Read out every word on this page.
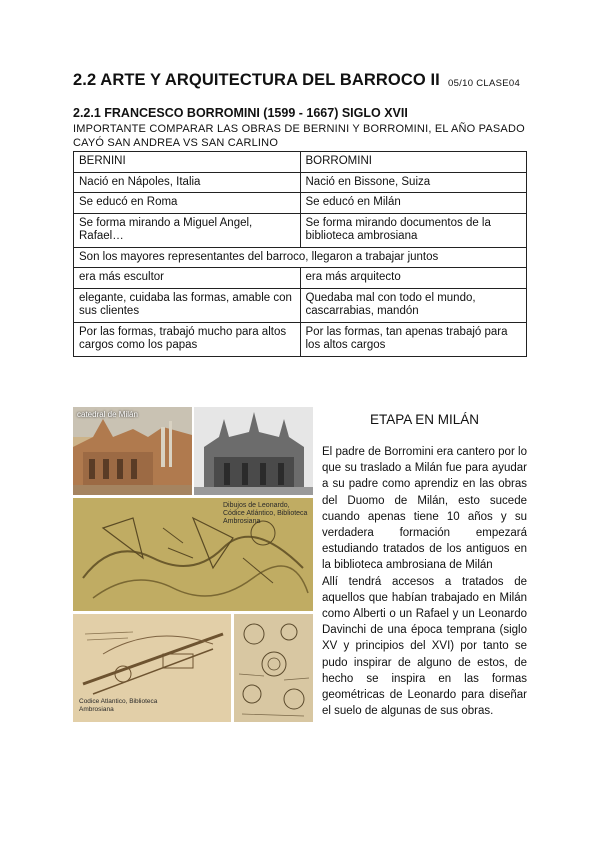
2.2 ARTE Y ARQUITECTURA DEL BARROCO II 05/10 CLASE04
2.2.1 FRANCESCO BORROMINI (1599 - 1667) SIGLO XVII
IMPORTANTE COMPARAR LAS OBRAS DE BERNINI Y BORROMINI, EL AÑO PASADO CAYÓ SAN ANDREA VS SAN CARLINO
BERNINI	BORROMINI
Nació en Nápoles, Italia	Nació en Bissone, Suiza
Se educó en Roma	Se educó en Milán
Se forma mirando a Miguel Angel, Rafael…	Se forma mirando documentos de la biblioteca ambrosiana
Son los mayores representantes del barroco, llegaron a trabajar juntos	
era más escultor	era más arquitecto
elegante, cuidaba las formas, amable con sus clientes	Quedaba mal con todo el mundo, cascarrabias, mandón
Por las formas, trabajó mucho para altos cargos como los papas	Por las formas, tan apenas trabajó para los altos cargos
catedral de Milán
Dibujos de Leonardo, Códice Atlántico, Biblioteca Ambrosiana
Codice Atlantico, Biblioteca Ambrosiana
ETAPA EN MILÁN
El padre de Borromini era cantero por lo que su traslado a Milán fue para ayudar a su padre como aprendiz en las obras del Duomo de Milán, esto sucede cuando apenas tiene 10 años y su verdadera formación empezará estudiando tratados de los antiguos en la biblioteca ambrosiana de Milán
Allí tendrá accesos a tratados de aquellos que habían trabajado en Milán como Alberti o un Rafael y un Leonardo Davinchi de una época temprana (siglo XV y principios del XVI) por tanto se pudo inspirar de alguno de estos, de hecho se inspira en las formas geométricas de Leonardo para diseñar el suelo de algunas de sus obras.
